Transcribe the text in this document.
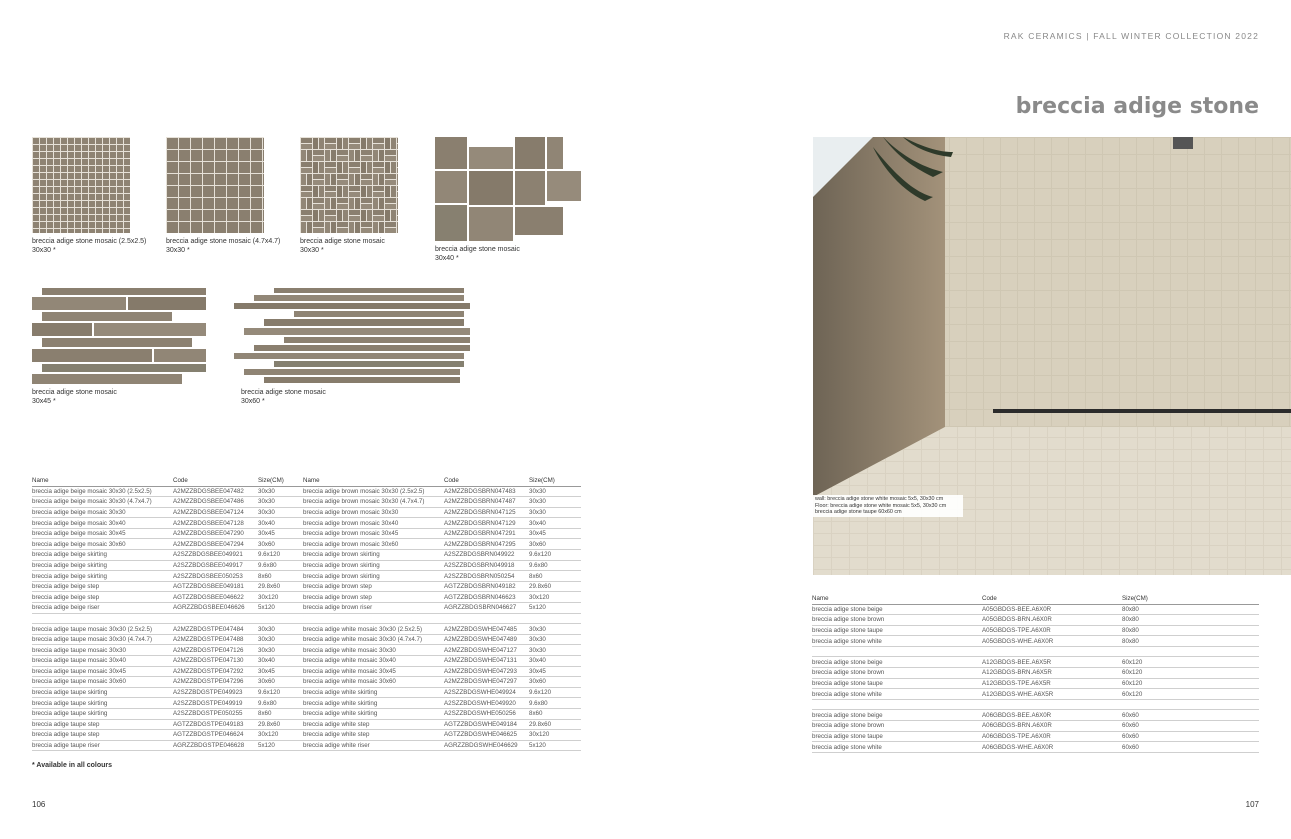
RAK CERAMICS | FALL WINTER COLLECTION 2022
breccia adige stone
breccia adige stone mosaic (2.5x2.5)
30x30 *
breccia adige stone mosaic (4.7x4.7)
30x30 *
breccia adige stone mosaic
30x30 *	breccia adige stone mosaic
30x40 *
breccia adige stone mosaic
30x45 *
breccia adige stone mosaic
30x60 *
Name	Code	Size(CM)	Name	Code	Size(CM)
breccia adige beige mosaic 30x30 (2.5x2.5)	A2MZZBDGSBEE047482	30x30	breccia adige brown mosaic 30x30 (2.5x2.5)	A2MZZBDGSBRN047483	30x30
breccia adige beige mosaic 30x30 (4.7x4.7)	A2MZZBDGSBEE047486	30x30	breccia adige brown mosaic 30x30 (4.7x4.7)	A2MZZBDGSBRN047487	30x30
breccia adige beige mosaic 30x30	A2MZZBDGSBEE047124	30x30	breccia adige brown mosaic 30x30	A2MZZBDGSBRN047125	30x30
breccia adige beige mosaic 30x40	A2MZZBDGSBEE047128	30x40	breccia adige brown mosaic 30x40	A2MZZBDGSBRN047129	30x40
breccia adige beige mosaic 30x45	A2MZZBDGSBEE047290	30x45	breccia adige brown mosaic 30x45	A2MZZBDGSBRN047291	30x45
breccia adige beige mosaic 30x60	A2MZZBDGSBEE047294	30x60	breccia adige brown mosaic 30x60	A2MZZBDGSBRN047295	30x60
breccia adige beige skirting	A2SZZBDGSBEE049921	9.6x120	breccia adige brown skirting	A2SZZBDGSBRN049922	9.6x120
breccia adige beige skirting	A2SZZBDGSBEE049917	9.6x80	breccia adige brown skirting	A2SZZBDGSBRN049918	9.6x80
breccia adige beige skirting	A2SZZBDGSBEE050253	8x60	breccia adige brown skirting	A2SZZBDGSBRN050254	8x60
breccia adige beige step	AGTZZBDGSBEE049181	29.8x60	breccia adige brown step	AGTZZBDGSBRN049182	29.8x60
breccia adige beige step	AGTZZBDGSBEE046622	30x120	breccia adige brown step	AGTZZBDGSBRN046623	30x120
breccia adige beige riser	AGRZZBDGSBEE046626	5x120	breccia adige brown riser	AGRZZBDGSBRN046627	5x120

breccia adige taupe mosaic 30x30 (2.5x2.5)	A2MZZBDGSTPE047484	30x30	breccia adige white mosaic 30x30 (2.5x2.5)	A2MZZBDGSWHE047485	30x30
breccia adige taupe mosaic 30x30 (4.7x4.7)	A2MZZBDGSTPE047488	30x30	breccia adige white mosaic 30x30 (4.7x4.7)	A2MZZBDGSWHE047489	30x30
breccia adige taupe mosaic 30x30	A2MZZBDGSTPE047126	30x30	breccia adige white mosaic 30x30	A2MZZBDGSWHE047127	30x30
breccia adige taupe mosaic 30x40	A2MZZBDGSTPE047130	30x40	breccia adige white mosaic 30x40	A2MZZBDGSWHE047131	30x40
breccia adige taupe mosaic 30x45	A2MZZBDGSTPE047292	30x45	breccia adige white mosaic 30x45	A2MZZBDGSWHE047293	30x45
breccia adige taupe mosaic 30x60	A2MZZBDGSTPE047296	30x60	breccia adige white mosaic 30x60	A2MZZBDGSWHE047297	30x60
breccia adige taupe skirting	A2SZZBDGSTPE049923	9.6x120	breccia adige white skirting	A2SZZBDGSWHE049924	9.6x120
breccia adige taupe skirting	A2SZZBDGSTPE049919	9.6x80	breccia adige white skirting	A2SZZBDGSWHE049920	9.6x80
breccia adige taupe skirting	A2SZZBDGSTPE050255	8x60	breccia adige white skirting	A2SZZBDGSWHE050256	8x60
breccia adige taupe step	AGTZZBDGSTPE049183	29.8x60	breccia adige white step	AGTZZBDGSWHE049184	29.8x60
breccia adige taupe step	AGTZZBDGSTPE046624	30x120	breccia adige white step	AGTZZBDGSWHE046625	30x120
breccia adige taupe riser	AGRZZBDGSTPE046628	5x120	breccia adige white riser	AGRZZBDGSWHE046629	5x120
* Available in all colours
wall: breccia adige stone white mosaic 5x5, 30x30 cm
Floor: breccia adige stone white mosaic 5x5, 30x30 cm
breccia adige stone taupe 60x60 cm
Name	Code	Size(CM)
breccia adige stone beige	A05GBDGS-BEE.A6X0R	80x80
breccia adige stone brown	A05GBDGS-BRN.A6X0R	80x80
breccia adige stone taupe	A05GBDGS-TPE.A6X0R	80x80
breccia adige stone white	A05GBDGS-WHE.A6X0R	80x80

breccia adige stone beige	A12GBDGS-BEE.A6X5R	60x120
breccia adige stone brown	A12GBDGS-BRN.A6X5R	60x120
breccia adige stone taupe	A12GBDGS-TPE.A6X5R	60x120
breccia adige stone white	A12GBDGS-WHE.A6X5R	60x120

breccia adige stone beige	A06GBDGS-BEE.A6X0R	60x60
breccia adige stone brown	A06GBDGS-BRN.A6X0R	60x60
breccia adige stone taupe	A06GBDGS-TPE.A6X0R	60x60
breccia adige stone white	A06GBDGS-WHE.A6X0R	60x60
106	107
